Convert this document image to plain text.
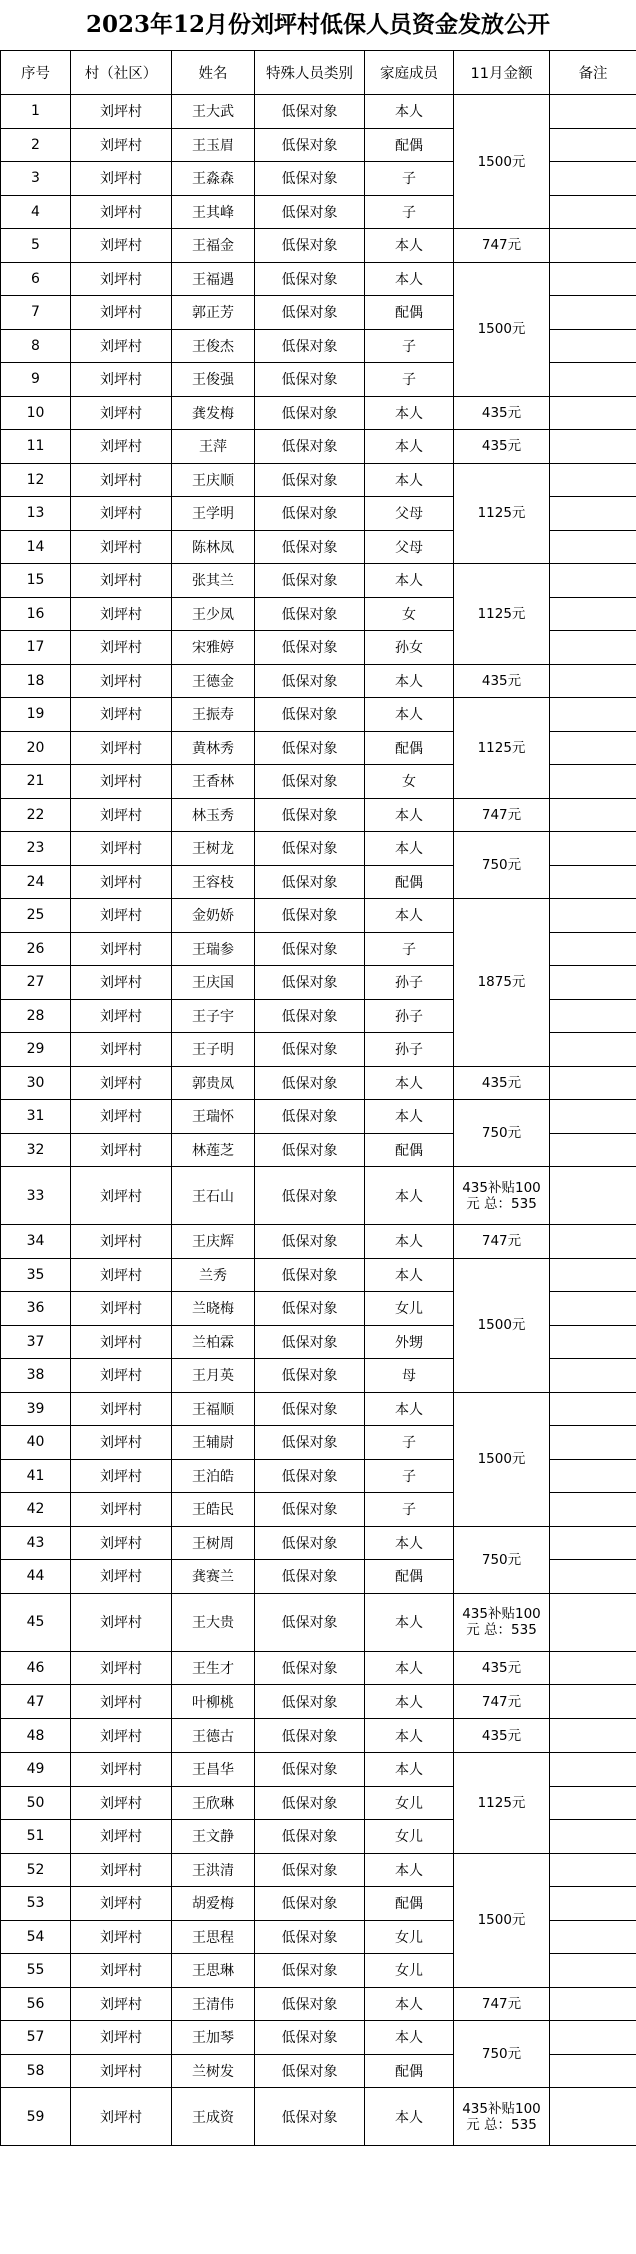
2023年12月份刘坪村低保人员资金发放公开
序号	村（社区）	姓名	特殊人员类别	家庭成员	11月金额	备注
1	刘坪村	王大武	低保对象	本人	1500元	
2	刘坪村	王玉眉	低保对象	配偶		
3	刘坪村	王淼森	低保对象	子		
4	刘坪村	王其峰	低保对象	子		
5	刘坪村	王福金	低保对象	本人	747元	
6	刘坪村	王福遇	低保对象	本人	1500元	
7	刘坪村	郭正芳	低保对象	配偶		
8	刘坪村	王俊杰	低保对象	子		
9	刘坪村	王俊强	低保对象	子		
10	刘坪村	龚发梅	低保对象	本人	435元	
11	刘坪村	王萍	低保对象	本人	435元	
12	刘坪村	王庆顺	低保对象	本人	1125元	
13	刘坪村	王学明	低保对象	父母		
14	刘坪村	陈林凤	低保对象	父母		
15	刘坪村	张其兰	低保对象	本人	1125元	
16	刘坪村	王少凤	低保对象	女		
17	刘坪村	宋雅婷	低保对象	孙女		
18	刘坪村	王德金	低保对象	本人	435元	
19	刘坪村	王振寿	低保对象	本人	1125元	
20	刘坪村	黄林秀	低保对象	配偶		
21	刘坪村	王香林	低保对象	女		
22	刘坪村	林玉秀	低保对象	本人	747元	
23	刘坪村	王树龙	低保对象	本人	750元	
24	刘坪村	王容枝	低保对象	配偶		
25	刘坪村	金奶娇	低保对象	本人	1875元	
26	刘坪村	王瑞参	低保对象	子		
27	刘坪村	王庆国	低保对象	孙子		
28	刘坪村	王子宇	低保对象	孙子		
29	刘坪村	王子明	低保对象	孙子		
30	刘坪村	郭贵凤	低保对象	本人	435元	
31	刘坪村	王瑞怀	低保对象	本人	750元	
32	刘坪村	林莲芝	低保对象	配偶		
33	刘坪村	王石山	低保对象	本人	435补贴100元 总：535	
34	刘坪村	王庆辉	低保对象	本人	747元	
35	刘坪村	兰秀	低保对象	本人	1500元	
36	刘坪村	兰晓梅	低保对象	女儿		
37	刘坪村	兰柏霖	低保对象	外甥		
38	刘坪村	王月英	低保对象	母		
39	刘坪村	王福顺	低保对象	本人	1500元	
40	刘坪村	王辅尉	低保对象	子		
41	刘坪村	王泊皓	低保对象	子		
42	刘坪村	王皓民	低保对象	子		
43	刘坪村	王树周	低保对象	本人	750元	
44	刘坪村	龚赛兰	低保对象	配偶		
45	刘坪村	王大贵	低保对象	本人	435补贴100元 总：535	
46	刘坪村	王生才	低保对象	本人	435元	
47	刘坪村	叶柳桃	低保对象	本人	747元	
48	刘坪村	王德古	低保对象	本人	435元	
49	刘坪村	王昌华	低保对象	本人	1125元	
50	刘坪村	王欣琳	低保对象	女儿		
51	刘坪村	王文静	低保对象	女儿		
52	刘坪村	王洪清	低保对象	本人	1500元	
53	刘坪村	胡爱梅	低保对象	配偶		
54	刘坪村	王思程	低保对象	女儿		
55	刘坪村	王思琳	低保对象	女儿		
56	刘坪村	王清伟	低保对象	本人	747元	
57	刘坪村	王加琴	低保对象	本人	750元	
58	刘坪村	兰树发	低保对象	配偶		
59	刘坪村	王成资	低保对象	本人	435补贴100元 总：535	
